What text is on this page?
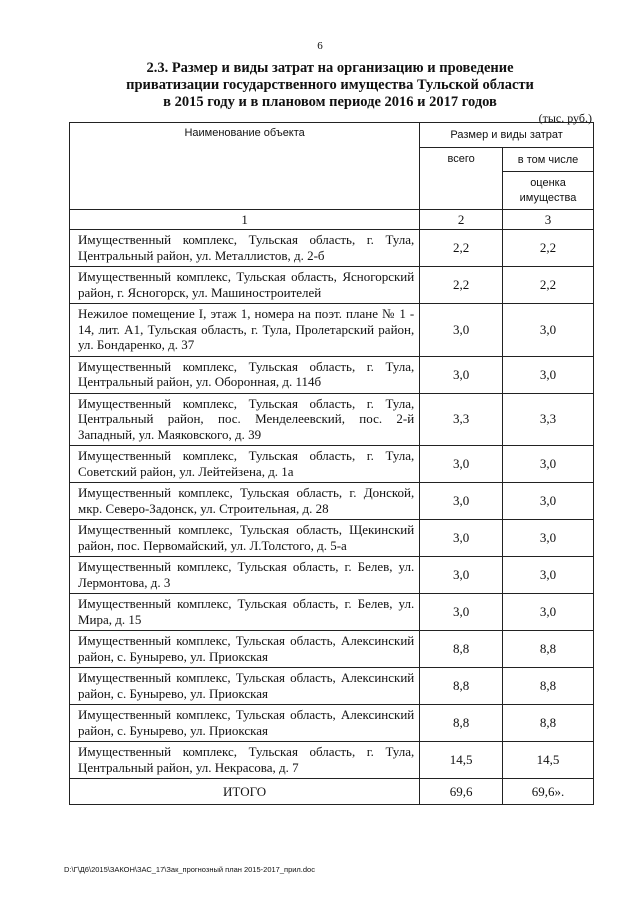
6
2.3. Размер и виды затрат на организацию и проведение
приватизации государственного имущества Тульской области
в 2015 году и в плановом периоде 2016 и 2017 годов
(тыс. руб.)
Наименование объекта	Размер и виды затрат	
	всего	в том числе
		оценка имущества
1	2	3
Имущественный комплекс, Тульская область, г. Тула, Центральный район, ул. Металлистов, д. 2-б	2,2	2,2
Имущественный комплекс, Тульская область, Ясногорский район, г. Ясногорск, ул. Машиностроителей	2,2	2,2
Нежилое помещение I, этаж 1, номера на поэт. плане № 1 - 14, лит. А1, Тульская область, г. Тула, Пролетарский район, ул. Бондаренко, д. 37	3,0	3,0
Имущественный комплекс, Тульская область, г. Тула, Центральный район, ул. Оборонная, д. 114б	3,0	3,0
Имущественный комплекс, Тульская область, г. Тула, Центральный район, пос. Менделеевский, пос. 2-й Западный, ул. Маяковского, д. 39	3,3	3,3
Имущественный комплекс, Тульская область, г. Тула, Советский район, ул. Лейтейзена, д. 1а	3,0	3,0
Имущественный комплекс, Тульская область, г. Донской, мкр. Северо-Задонск, ул. Строительная, д. 28	3,0	3,0
Имущественный комплекс, Тульская область, Щекинский район, пос. Первомайский, ул. Л.Толстого, д. 5-а	3,0	3,0
Имущественный комплекс, Тульская область, г. Белев, ул. Лермонтова, д. 3	3,0	3,0
Имущественный комплекс, Тульская область, г. Белев, ул. Мира, д. 15	3,0	3,0
Имущественный комплекс, Тульская область, Алексинский район, с. Бунырево, ул. Приокская	8,8	8,8
Имущественный комплекс, Тульская область, Алексинский район, с. Бунырево, ул. Приокская	8,8	8,8
Имущественный комплекс, Тульская область, Алексинский район, с. Бунырево, ул. Приокская	8,8	8,8
Имущественный комплекс, Тульская область, г. Тула, Центральный район, ул. Некрасова, д. 7	14,5	14,5
ИТОГО	69,6	69,6».
D:\Г\Д6\2015\ЗАКОН\ЗАС_17\Зак_прогнозный план 2015-2017_прил.doc
